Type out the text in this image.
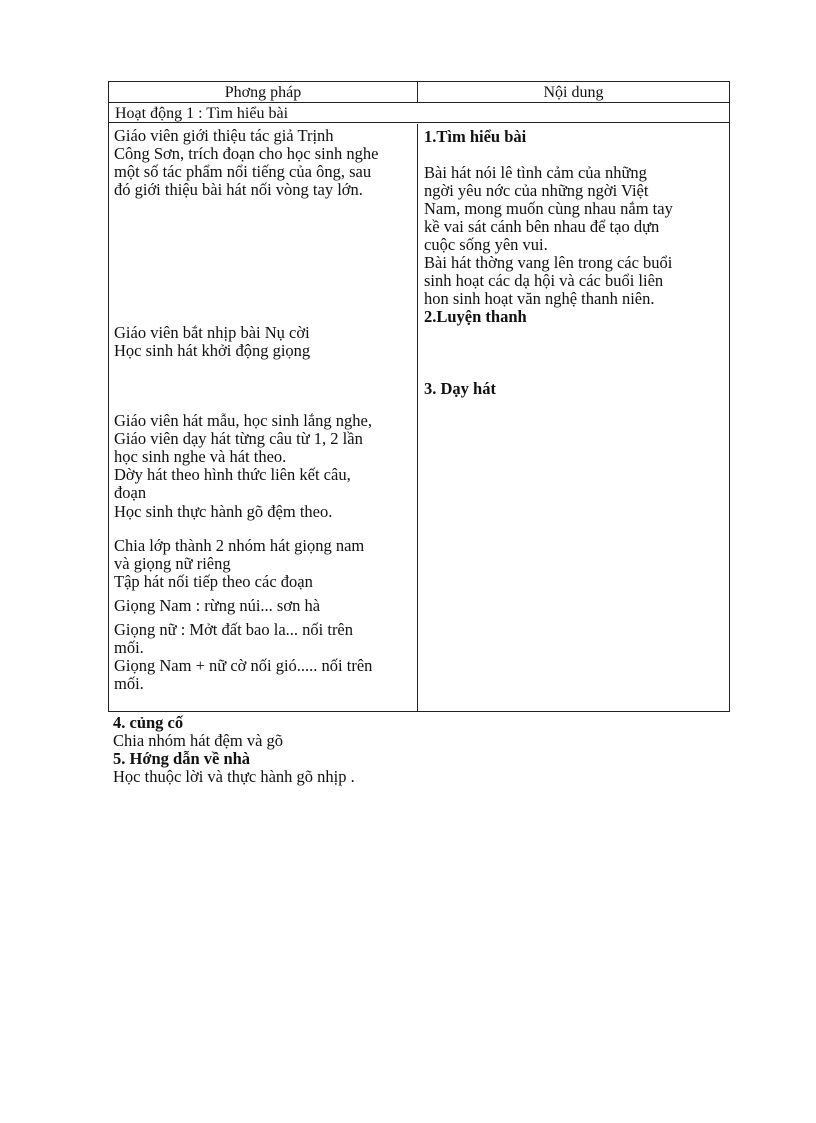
Phơng pháp	Nội dung
Hoạt động 1 : Tìm hiểu bài
Giáo viên giới thiệu tác giả Trịnh
Công Sơn, trích đoạn cho học sinh nghe
một số tác phẩm nổi tiếng của ông, sau
đó giới thiệu bài hát nối vòng tay lớn.
Giáo viên bắt nhịp bài Nụ cời
Học sinh hát khởi động giọng
Giáo viên hát mẫu, học sinh lắng nghe,
Giáo viên dạy hát từng câu từ 1, 2 lần
học sinh nghe và hát theo.
Dờy hát theo hình thức liên kết câu,
đoạn
Học sinh thực hành gõ đệm theo.
Chia lớp thành 2 nhóm hát giọng nam
và giọng nữ riêng
Tập hát nối tiếp theo các đoạn
Giọng Nam : rừng núi... sơn hà
Giọng nữ : Mởt đất bao la... nối trên
mối.
Giọng Nam + nữ cờ nối gió..... nối trên
mối.
1.Tìm hiểu bài
Bài hát nói lê tình cảm của những
ngời yêu nớc của những ngời Việt
Nam, mong muốn cùng nhau nắm tay
kề vai sát cánh bên nhau để tạo dựn
cuộc sống yên vui.
Bài hát thờng vang lên trong các buổi
sinh hoạt các dạ hội và các buổi liên
hon sinh hoạt văn nghệ thanh niên.
2.Luyện thanh
3. Dạy hát
4. củng cố
Chia nhóm hát đệm và gõ
5. Hớng dẫn về nhà
Học thuộc lời và thực hành gõ nhịp .
